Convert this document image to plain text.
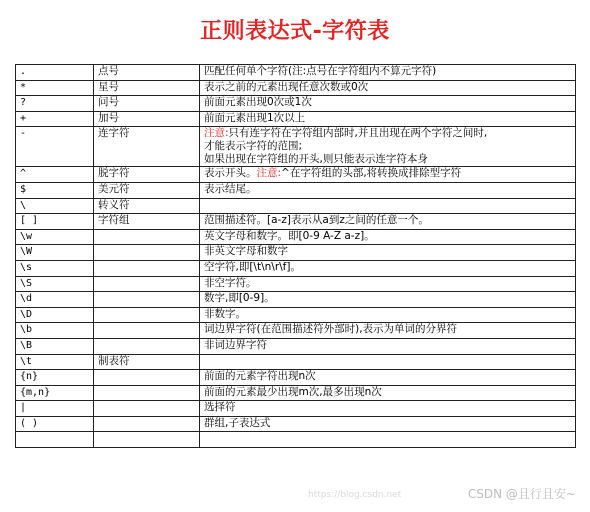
正则表达式-字符表
.	点号	匹配任何单个字符(注:点号在字符组内不算元字符)
*	星号	表示之前的元素出现任意次数或0次
?	问号	前面元素出现0次或1次
+	加号	前面元素出现1次以上
-	连字符	注意:只有连字符在字符组内部时,并且出现在两个字符之间时,
才能表示字符的范围;
如果出现在字符组的开头,则只能表示连字符本身

^	脱字符	表示开头。注意:^在字符组的头部,将转换成排除型字符
$	美元符	表示结尾。
\	转义符	
[ ]	字符组	范围描述符。[a-z]表示从a到z之间的任意一个。
\w		英文字母和数字。即[0-9 A-Z a-z]。
\W		非英文字母和数字
\s		空字符,即[\t\n\r\f]。
\S		非空字符。
\d		数字,即[0-9]。
\D		非数字。
\b		词边界字符(在范围描述符外部时),表示为单词的分界符
\B		非词边界字符
\t	制表符	
{n}		前面的元素字符出现n次
{m,n}		前面的元素最少出现m次,最多出现n次
|		选择符
( )		群组,子表达式

https://blog.csdn.net	CSDN @且行且安~
